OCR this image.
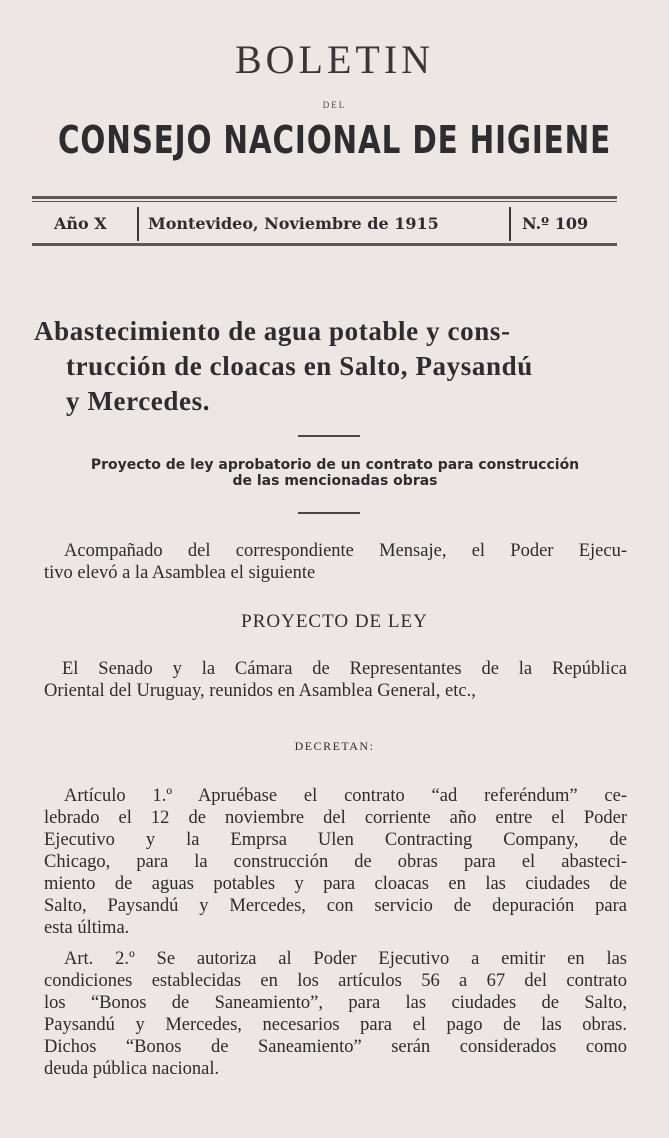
BOLETIN
DEL
CONSEJO NACIONAL DE HIGIENE
Año X	Montevideo, Noviembre de 1915	N.º 109
Abastecimiento de agua potable y cons-
trucción de cloacas en Salto, Paysandú
y Mercedes.
Proyecto de ley aprobatorio de un contrato para construcción
de las mencionadas obras
Acompañado del correspondiente Mensaje, el Poder Ejecu-
tivo elevó a la Asamblea el siguiente
PROYECTO DE LEY
El Senado y la Cámara de Representantes de la República
Oriental del Uruguay, reunidos en Asamblea General, etc.,
DECRETAN:
Artículo 1.º Apruébase el contrato “ad referéndum” ce-
lebrado el 12 de noviembre del corriente año entre el Poder
Ejecutivo y la Emprsa Ulen Contracting Company, de
Chicago, para la construcción de obras para el abasteci-
miento de aguas potables y para cloacas en las ciudades de
Salto, Paysandú y Mercedes, con servicio de depuración para
esta última.
Art. 2.º Se autoriza al Poder Ejecutivo a emitir en las
condiciones establecidas en los artículos 56 a 67 del contrato
los “Bonos de Saneamiento”, para las ciudades de Salto,
Paysandú y Mercedes, necesarios para el pago de las obras.
Dichos “Bonos de Saneamiento” serán considerados como
deuda pública nacional.
